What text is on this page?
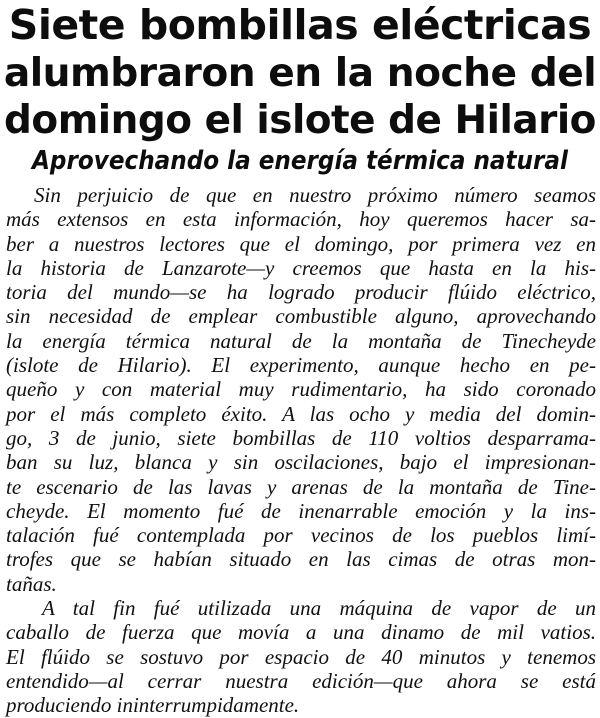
Siete bombillas eléctricas
alumbraron en la noche del
domingo el islote de Hilario
Aprovechando la energía térmica natural
Sin perjuicio de que en nuestro próximo número seamos
más extensos en esta información, hoy queremos hacer sa-
ber a nuestros lectores que el domingo, por primera vez en
la historia de Lanzarote—y creemos que hasta en la his-
toria del mundo—se ha logrado producir flúido eléctrico,
sin necesidad de emplear combustible alguno, aprovechando
la energía térmica natural de la montaña de Tinecheyde
(islote de Hilario). El experimento, aunque hecho en pe-
queño y con material muy rudimentario, ha sido coronado
por el más completo éxito. A las ocho y media del domin-
go, 3 de junio, siete bombillas de 110 voltios desparrama-
ban su luz, blanca y sin oscilaciones, bajo el impresionan-
te escenario de las lavas y arenas de la montaña de Tine-
cheyde. El momento fué de inenarrable emoción y la ins-
talación fué contemplada por vecinos de los pueblos limí-
trofes que se habían situado en las cimas de otras mon-
tañas.
A tal fin fué utilizada una máquina de vapor de un
caballo de fuerza que movía a una dinamo de mil vatios.
El flúido se sostuvo por espacio de 40 minutos y tenemos
entendido—al cerrar nuestra edición—que ahora se está
produciendo ininterrumpidamente.
